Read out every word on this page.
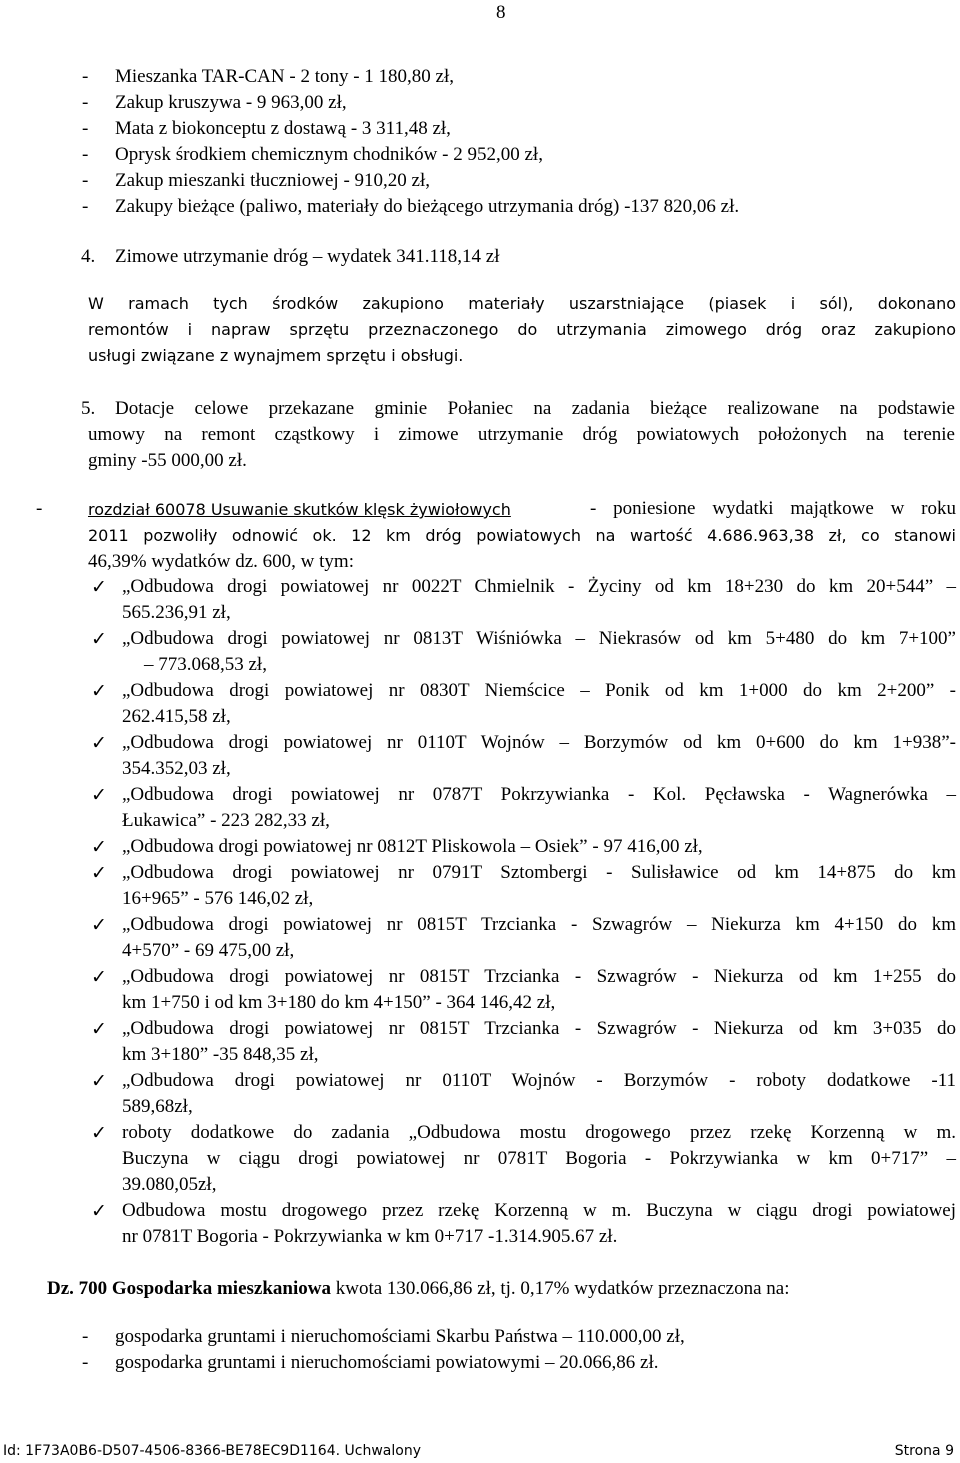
8
- Mieszanka TAR-CAN - 2 tony - 1 180,80 zł,
- Zakup kruszywa - 9 963,00 zł,
- Mata z biokonceptu z dostawą - 3 311,48 zł,
- Oprysk środkiem chemicznym chodników - 2 952,00 zł,
- Zakup mieszanki tłuczniowej - 910,20 zł,
- Zakupy bieżące (paliwo, materiały do bieżącego utrzymania dróg) -137 820,06 zł.
4. Zimowe utrzymanie dróg – wydatek 341.118,14 zł
W ramach tych środków zakupiono materiały uszarstniające (piasek i sól), dokonano
remontów i napraw sprzętu przeznaczonego do utrzymania zimowego dróg oraz zakupiono
usługi związane z wynajmem sprzętu i obsługi.
5. Dotacje celowe przekazane gminie Połaniec na zadania bieżące realizowane na podstawie
umowy na remont cząstkowy i zimowe utrzymanie dróg powiatowych położonych na terenie
gminy -55 000,00 zł.
-	rozdział 60078 Usuwanie skutków klęsk żywiołowych	- poniesione wydatki majątkowe w roku
2011 pozwoliły odnowić ok. 12 km dróg powiatowych na wartość 4.686.963,38 zł, co stanowi
46,39% wydatków dz. 600, w tym:
✓ „Odbudowa drogi powiatowej nr 0022T Chmielnik - Życiny od km 18+230 do km 20+544” –
565.236,91 zł,
✓ „Odbudowa drogi powiatowej nr 0813T Wiśniówka – Niekrasów od km 5+480 do km 7+100”
– 773.068,53 zł,
✓ „Odbudowa drogi powiatowej nr 0830T Niemścice – Ponik od km 1+000 do km 2+200” -
262.415,58 zł,
✓ „Odbudowa drogi powiatowej nr 0110T Wojnów – Borzymów od km 0+600 do km 1+938”-
354.352,03 zł,
✓ „Odbudowa drogi powiatowej nr 0787T Pokrzywianka - Kol. Pęcławska - Wagnerówka –
Łukawica” - 223 282,33 zł,
✓ „Odbudowa drogi powiatowej nr 0812T Pliskowola – Osiek” - 97 416,00 zł,
✓ „Odbudowa drogi powiatowej nr 0791T Sztombergi - Sulisławice od km 14+875 do km
16+965” - 576 146,02 zł,
✓ „Odbudowa drogi powiatowej nr 0815T Trzcianka - Szwagrów – Niekurza km 4+150 do km
4+570” - 69 475,00 zł,
✓ „Odbudowa drogi powiatowej nr 0815T Trzcianka - Szwagrów - Niekurza od km 1+255 do
km 1+750 i od km 3+180 do km 4+150” - 364 146,42 zł,
✓ „Odbudowa drogi powiatowej nr 0815T Trzcianka - Szwagrów - Niekurza od km 3+035 do
km 3+180” -35 848,35 zł,
✓ „Odbudowa drogi powiatowej nr 0110T Wojnów - Borzymów - roboty dodatkowe -11
589,68zł,
✓ roboty dodatkowe do zadania „Odbudowa mostu drogowego przez rzekę Korzenną w m.
Buczyna w ciągu drogi powiatowej nr 0781T Bogoria - Pokrzywianka w km 0+717” –
39.080,05zł,
✓ Odbudowa mostu drogowego przez rzekę Korzenną w m. Buczyna w ciągu drogi powiatowej
nr 0781T Bogoria - Pokrzywianka w km 0+717 -1.314.905.67 zł.
Dz. 700 Gospodarka mieszkaniowa kwota 130.066,86 zł, tj. 0,17% wydatków przeznaczona na:
- gospodarka gruntami i nieruchomościami Skarbu Państwa – 110.000,00 zł,
- gospodarka gruntami i nieruchomościami powiatowymi – 20.066,86 zł.
Id: 1F73A0B6-D507-4506-8366-BE78EC9D1164. Uchwalony	Strona 9
